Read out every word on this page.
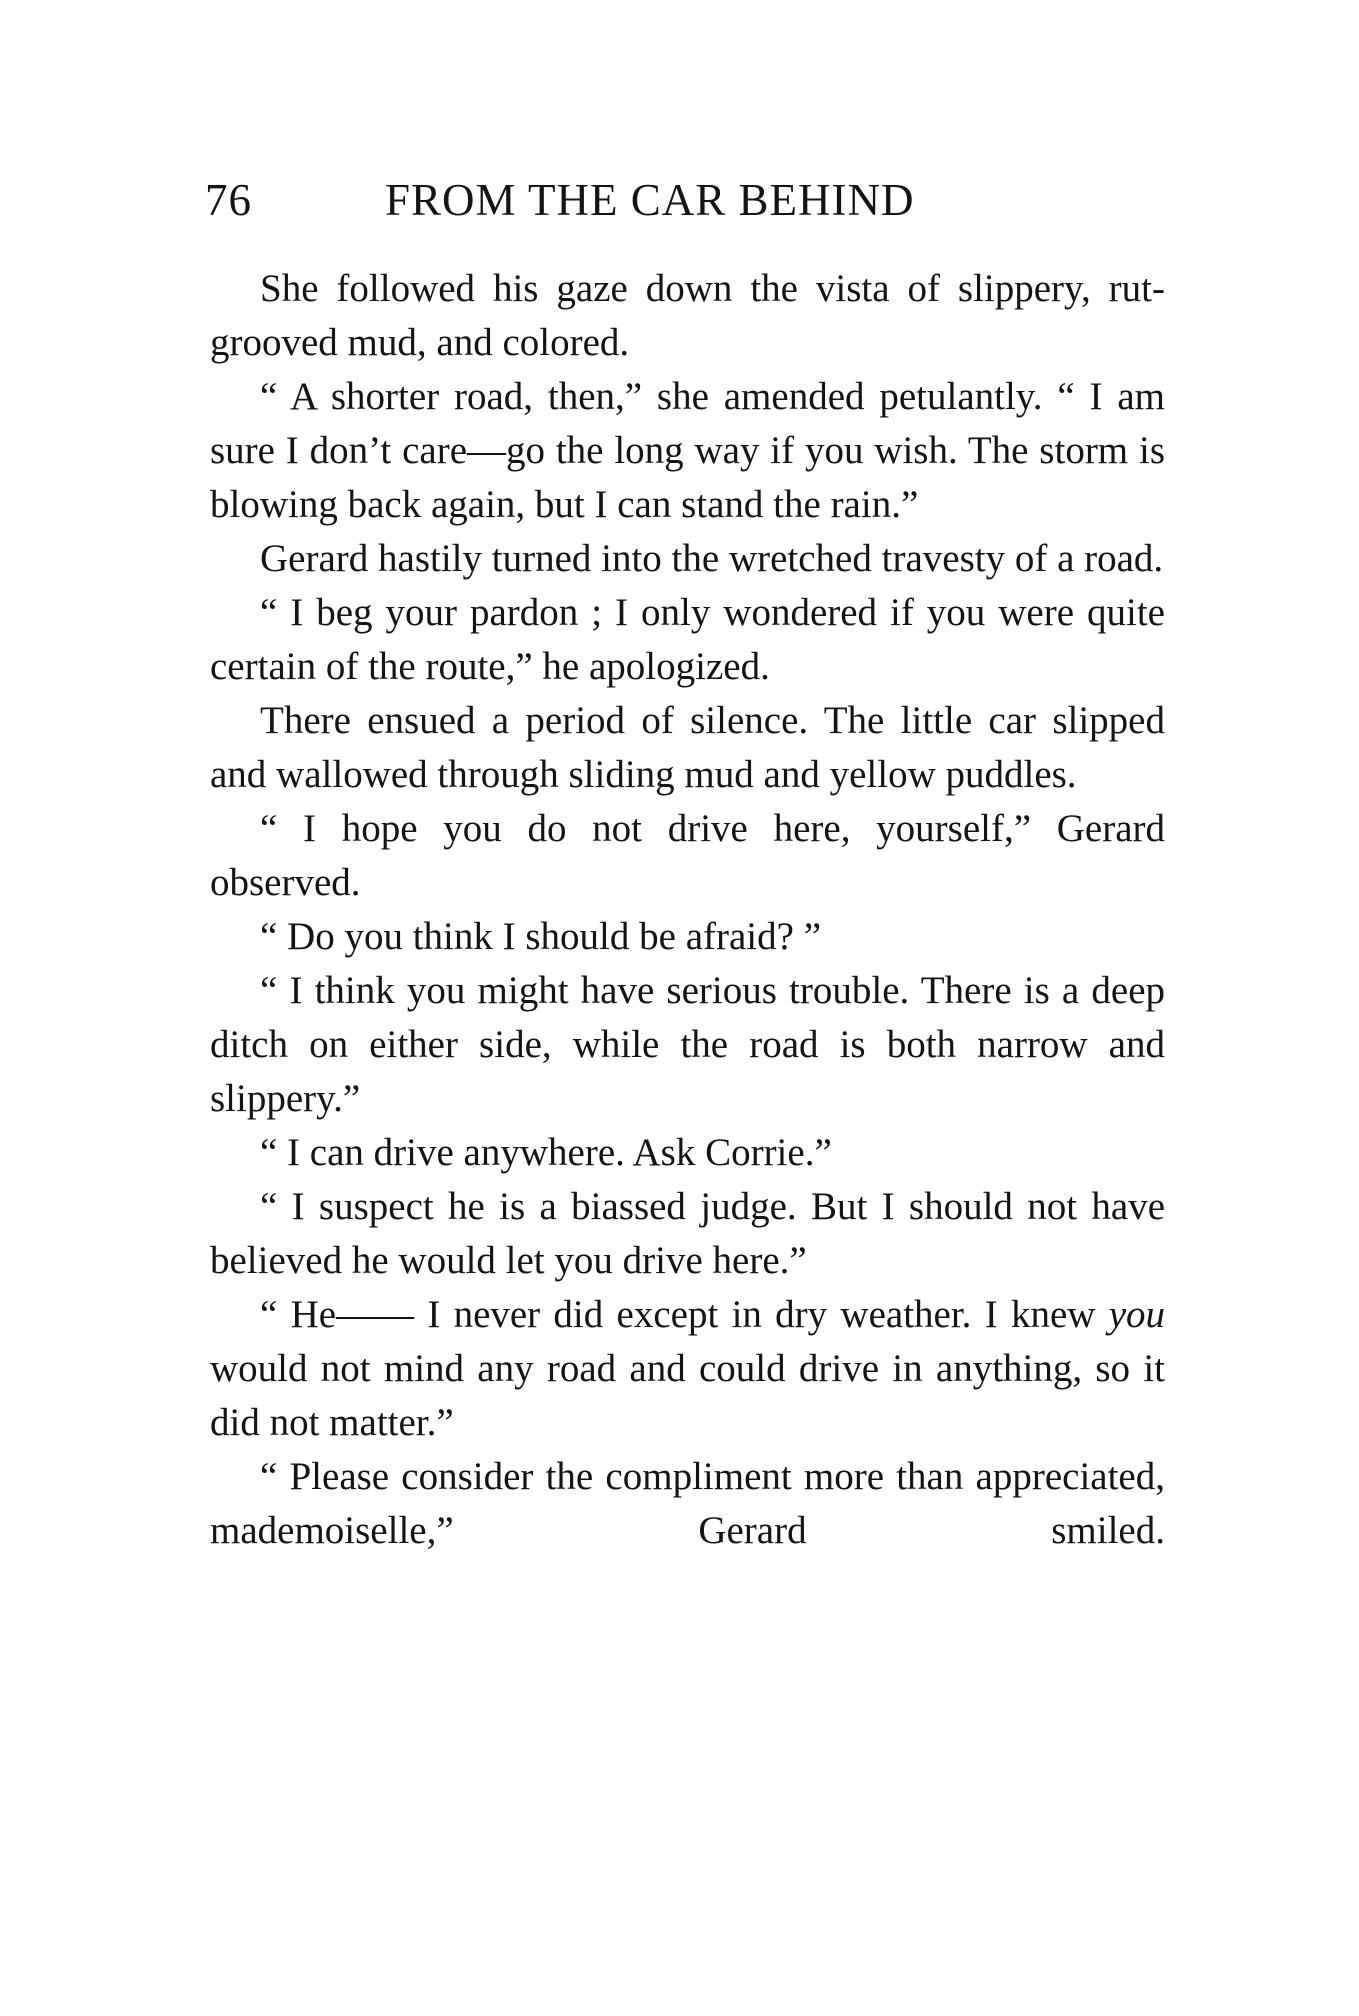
76	FROM THE CAR BEHIND

She followed his gaze down the vista of slippery, rut-grooved mud, and colored.

“ A shorter road, then,” she amended petulantly. “ I am sure I don’t care—go the long way if you wish. The storm is blowing back again, but I can stand the rain.”

Gerard hastily turned into the wretched travesty of a road.

“ I beg your pardon ; I only wondered if you were quite certain of the route,” he apologized.

There ensued a period of silence. The little car slipped and wallowed through sliding mud and yellow puddles.

“ I hope you do not drive here, yourself,” Gerard observed.

“ Do you think I should be afraid? ”

“ I think you might have serious trouble. There is a deep ditch on either side, while the road is both narrow and slippery.”

“ I can drive anywhere. Ask Corrie.”

“ I suspect he is a biassed judge. But I should not have believed he would let you drive here.”

“ He—— I never did except in dry weather. I knew you would not mind any road and could drive in anything, so it did not matter.”

“ Please consider the compliment more than appreciated, mademoiselle,” Gerard smiled.
